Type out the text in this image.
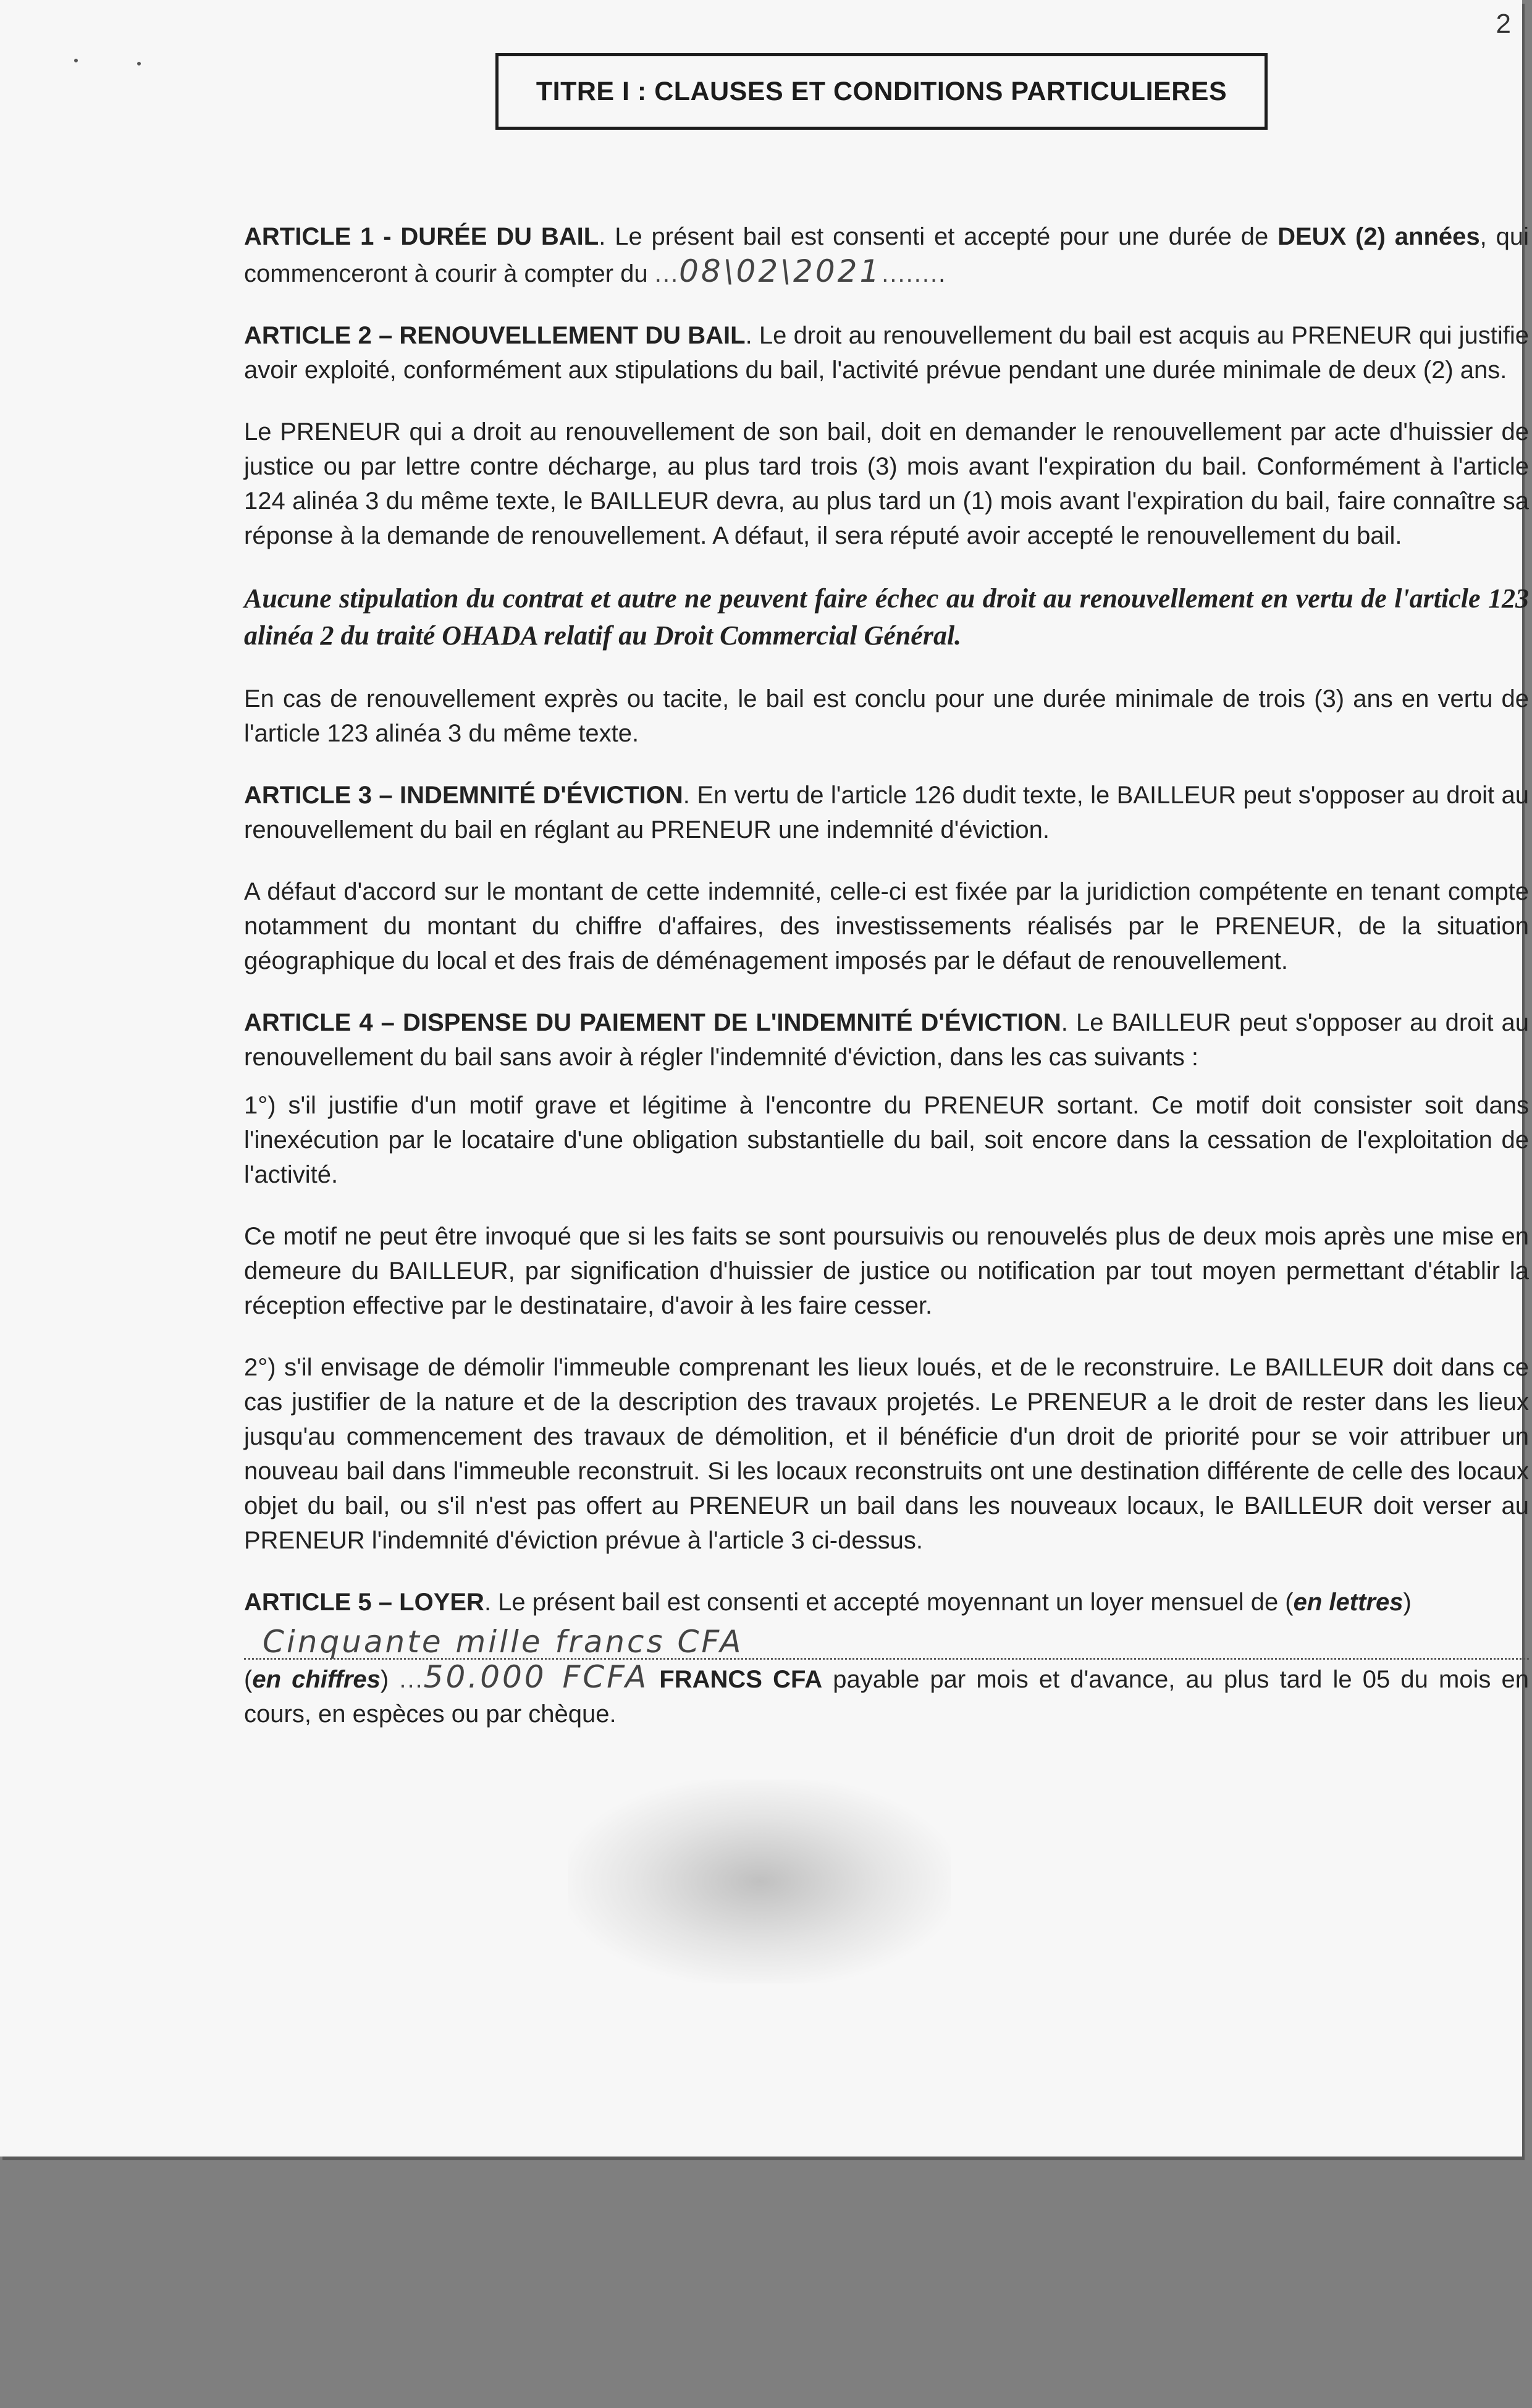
2
TITRE I : CLAUSES ET CONDITIONS PARTICULIERES

ARTICLE 1 - DURÉE DU BAIL. Le présent bail est consenti et accepté pour une durée de DEUX (2) années, qui commenceront à courir à compter du ...08\02\2021........

ARTICLE 2 – RENOUVELLEMENT DU BAIL. Le droit au renouvellement du bail est acquis au PRENEUR qui justifie avoir exploité, conformément aux stipulations du bail, l'activité prévue pendant une durée minimale de deux (2) ans.

Le PRENEUR qui a droit au renouvellement de son bail, doit en demander le renouvellement par acte d'huissier de justice ou par lettre contre décharge, au plus tard trois (3) mois avant l'expiration du bail. Conformément à l'article 124 alinéa 3 du même texte, le BAILLEUR devra, au plus tard un (1) mois avant l'expiration du bail, faire connaître sa réponse à la demande de renouvellement. A défaut, il sera réputé avoir accepté le renouvellement du bail.

Aucune stipulation du contrat et autre ne peuvent faire échec au droit au renouvellement en vertu de l'article 123 alinéa 2 du traité OHADA relatif au Droit Commercial Général.

En cas de renouvellement exprès ou tacite, le bail est conclu pour une durée minimale de trois (3) ans en vertu de l'article 123 alinéa 3 du même texte.

ARTICLE 3 – INDEMNITÉ D'ÉVICTION. En vertu de l'article 126 dudit texte, le BAILLEUR peut s'opposer au droit au renouvellement du bail en réglant au PRENEUR une indemnité d'éviction.

A défaut d'accord sur le montant de cette indemnité, celle-ci est fixée par la juridiction compétente en tenant compte notamment du montant du chiffre d'affaires, des investissements réalisés par le PRENEUR, de la situation géographique du local et des frais de déménagement imposés par le défaut de renouvellement.

ARTICLE 4 – DISPENSE DU PAIEMENT DE L'INDEMNITÉ D'ÉVICTION. Le BAILLEUR peut s'opposer au droit au renouvellement du bail sans avoir à régler l'indemnité d'éviction, dans les cas suivants :

1°) s'il justifie d'un motif grave et légitime à l'encontre du PRENEUR sortant. Ce motif doit consister soit dans l'inexécution par le locataire d'une obligation substantielle du bail, soit encore dans la cessation de l'exploitation de l'activité.

Ce motif ne peut être invoqué que si les faits se sont poursuivis ou renouvelés plus de deux mois après une mise en demeure du BAILLEUR, par signification d'huissier de justice ou notification par tout moyen permettant d'établir la réception effective par le destinataire, d'avoir à les faire cesser.

2°) s'il envisage de démolir l'immeuble comprenant les lieux loués, et de le reconstruire. Le BAILLEUR doit dans ce cas justifier de la nature et de la description des travaux projetés. Le PRENEUR a le droit de rester dans les lieux jusqu'au commencement des travaux de démolition, et il bénéficie d'un droit de priorité pour se voir attribuer un nouveau bail dans l'immeuble reconstruit. Si les locaux reconstruits ont une destination différente de celle des locaux objet du bail, ou s'il n'est pas offert au PRENEUR un bail dans les nouveaux locaux, le BAILLEUR doit verser au PRENEUR l'indemnité d'éviction prévue à l'article 3 ci-dessus.

ARTICLE 5 – LOYER. Le présent bail est consenti et accepté moyennant un loyer mensuel de (en lettres)
Cinquante mille francs CFA
(en chiffres) ...50.000 FCFA FRANCS CFA payable par mois et d'avance, au plus tard le 05 du mois en cours, en espèces ou par chèque.
